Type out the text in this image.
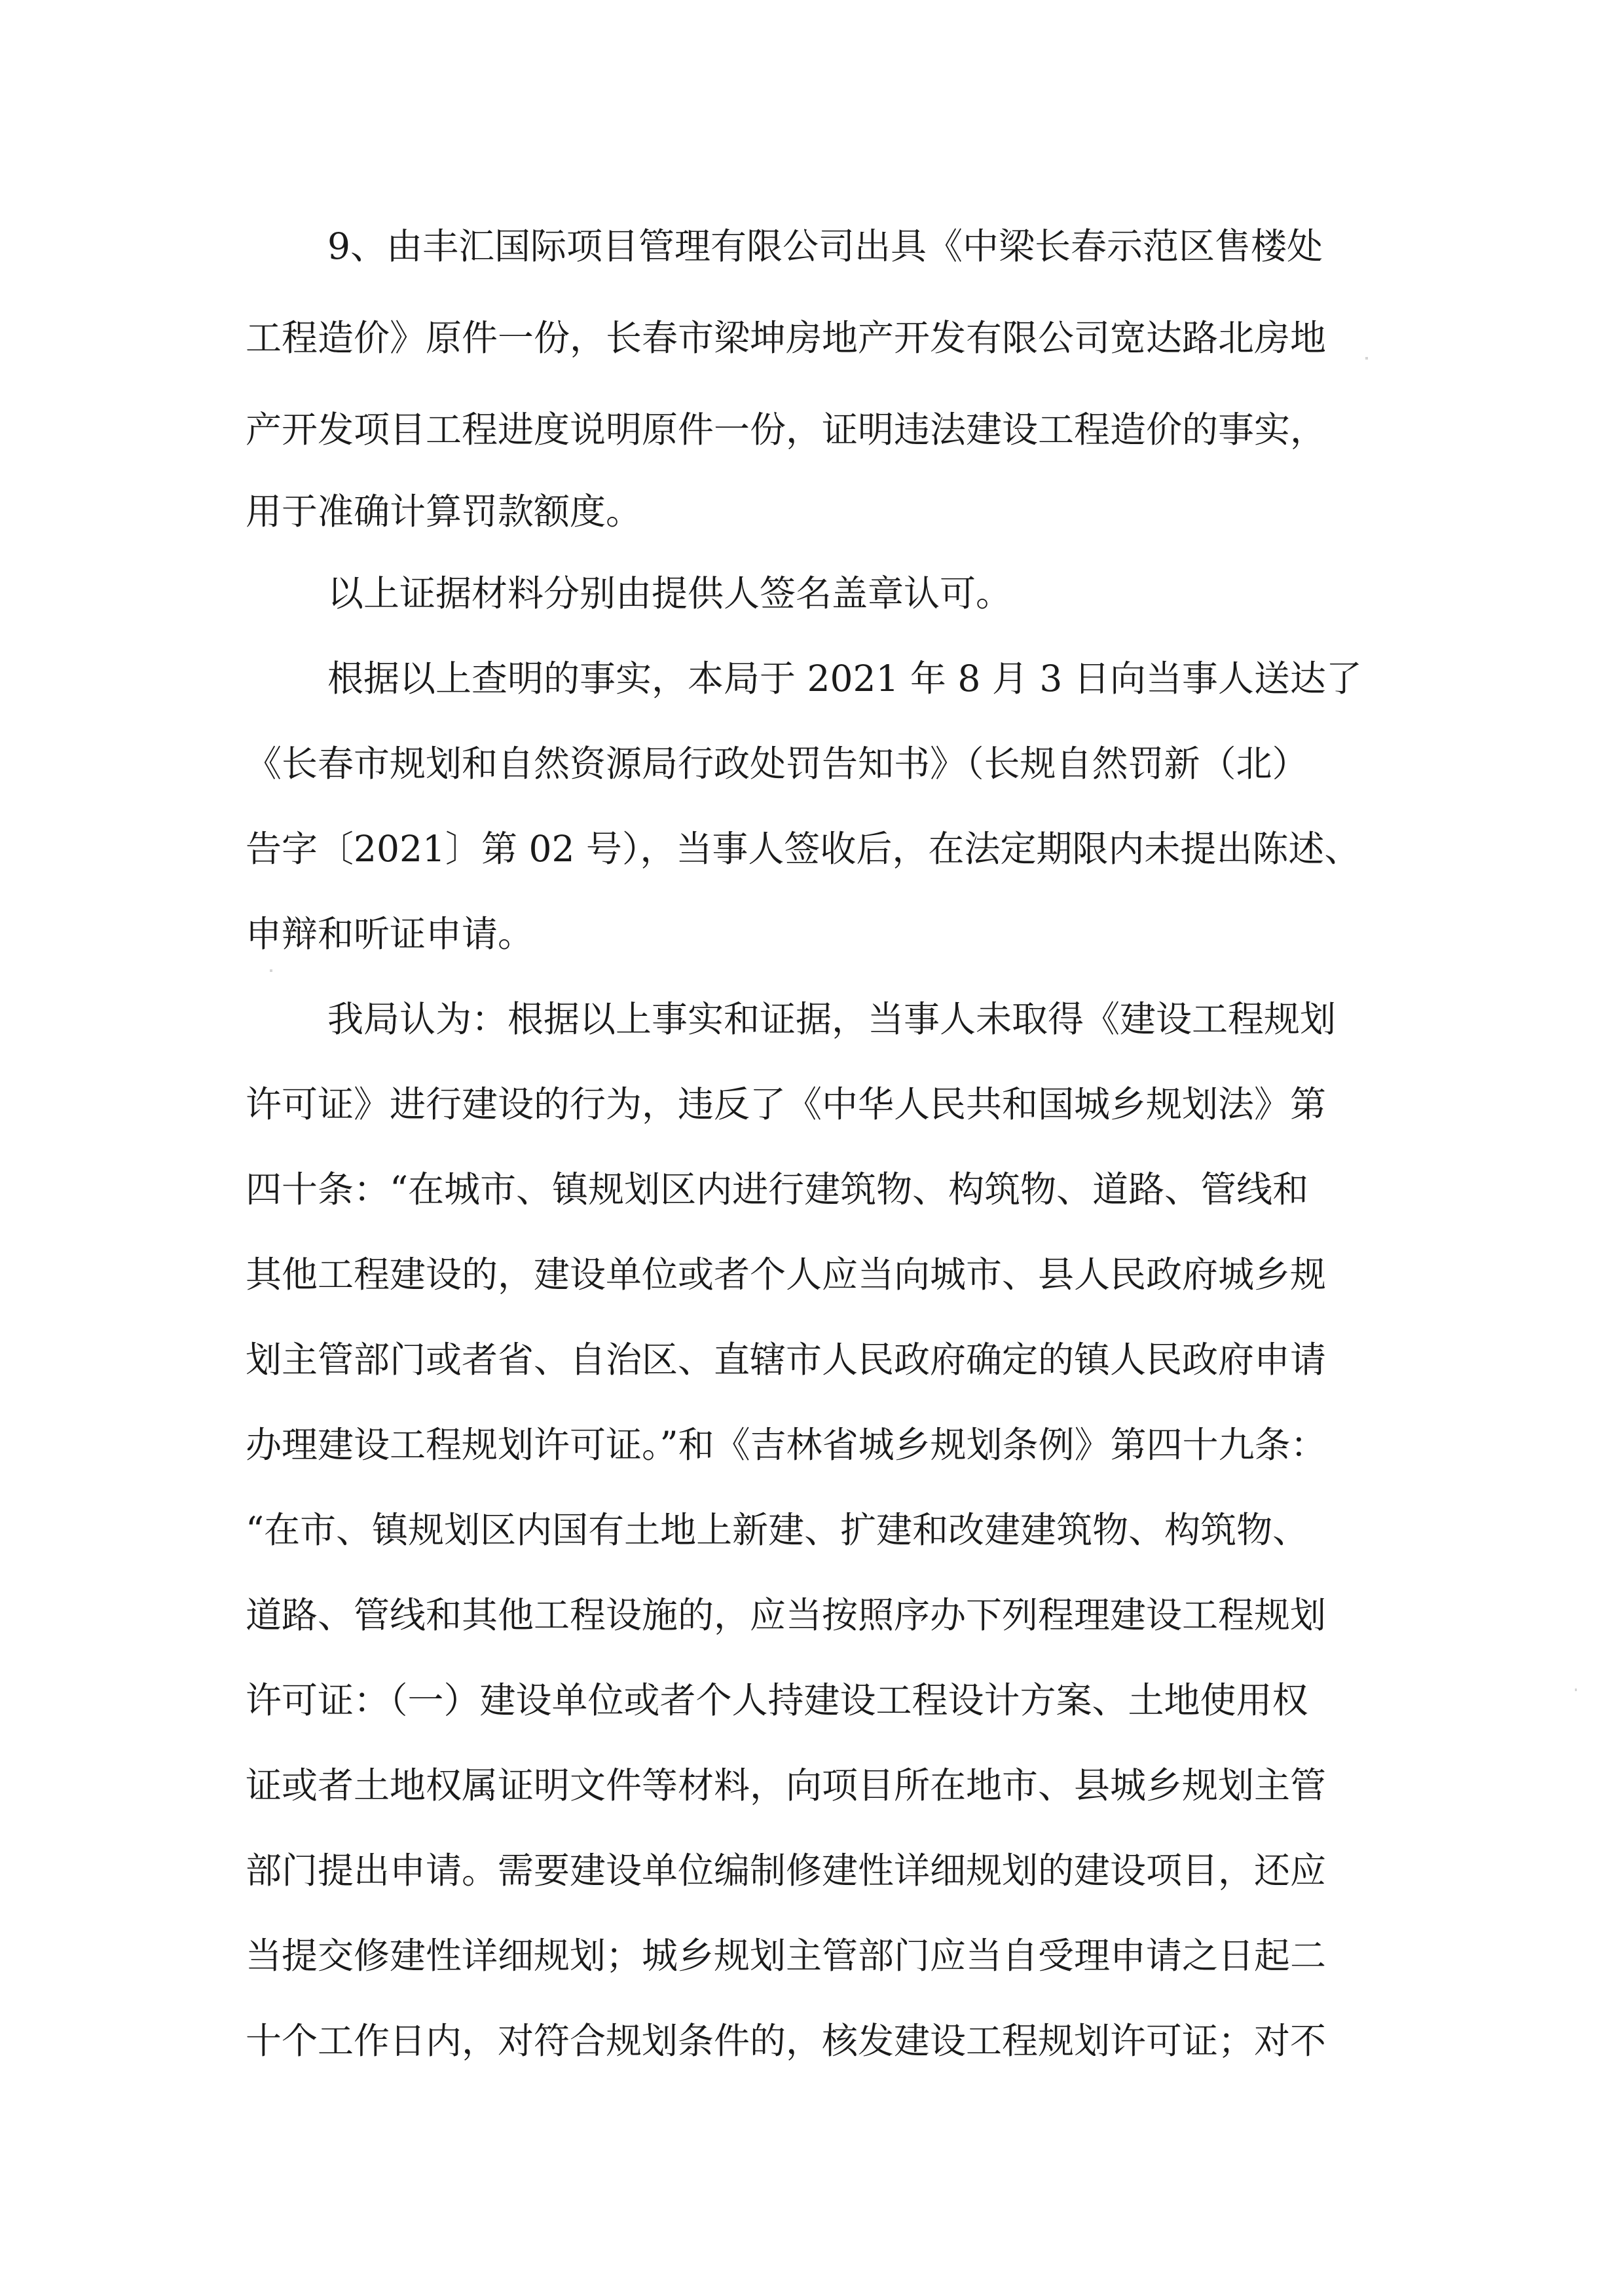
9、由丰汇国际项目管理有限公司出具《中梁长春示范区售楼处
工程造价》原件一份，长春市梁坤房地产开发有限公司宽达路北房地
产开发项目工程进度说明原件一份，证明违法建设工程造价的事实，
用于准确计算罚款额度。
以上证据材料分别由提供人签名盖章认可。
根据以上查明的事实，本局于 2021 年 8 月 3 日向当事人送达了
《长春市规划和自然资源局行政处罚告知书》（长规自然罚新（北）
告字〔2021〕第 02 号），当事人签收后，在法定期限内未提出陈述、
申辩和听证申请。
我局认为：根据以上事实和证据，当事人未取得《建设工程规划
许可证》进行建设的行为，违反了《中华人民共和国城乡规划法》第
四十条：“在城市、镇规划区内进行建筑物、构筑物、道路、管线和
其他工程建设的，建设单位或者个人应当向城市、县人民政府城乡规
划主管部门或者省、自治区、直辖市人民政府确定的镇人民政府申请
办理建设工程规划许可证。”和《吉林省城乡规划条例》第四十九条：
“在市、镇规划区内国有土地上新建、扩建和改建建筑物、构筑物、
道路、管线和其他工程设施的，应当按照序办下列程理建设工程规划
许可证：（一）建设单位或者个人持建设工程设计方案、土地使用权
证或者土地权属证明文件等材料，向项目所在地市、县城乡规划主管
部门提出申请。需要建设单位编制修建性详细规划的建设项目，还应
当提交修建性详细规划；城乡规划主管部门应当自受理申请之日起二
十个工作日内，对符合规划条件的，核发建设工程规划许可证；对不
